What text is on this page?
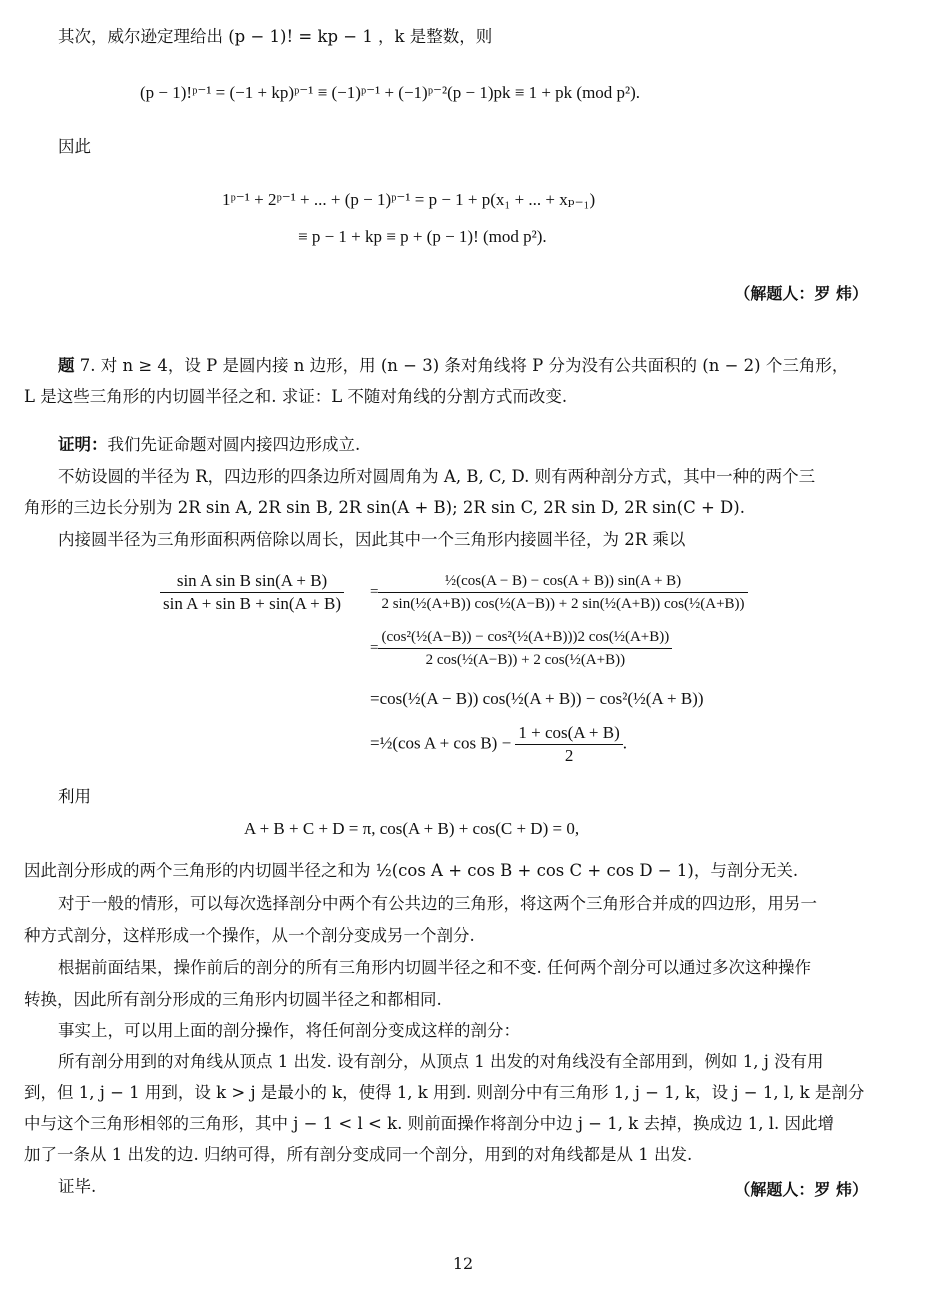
其次，威尔逊定理给出 (p − 1)! = kp − 1 ，k 是整数，则
(p − 1)!ᵖ⁻¹ = (−1 + kp)ᵖ⁻¹ ≡ (−1)ᵖ⁻¹ + (−1)ᵖ⁻²(p − 1)pk ≡ 1 + pk (mod p²).
因此
1ᵖ⁻¹ + 2ᵖ⁻¹ + ... + (p − 1)ᵖ⁻¹ = p − 1 + p(x₁ + ... + xₚ₋₁)
≡ p − 1 + kp ≡ p + (p − 1)! (mod p²).
（解题人：罗 炜）
题 7. 对 n ≥ 4，设 P 是圆内接 n 边形，用 (n − 3) 条对角线将 P 分为没有公共面积的 (n − 2) 个三角形，
L 是这些三角形的内切圆半径之和. 求证：L 不随对角线的分割方式而改变.
证明：我们先证命题对圆内接四边形成立.
不妨设圆的半径为 R，四边形的四条边所对圆周角为 A, B, C, D. 则有两种剖分方式，其中一种的两个三
角形的三边长分别为 2R sin A, 2R sin B, 2R sin(A + B); 2R sin C, 2R sin D, 2R sin(C + D).
内接圆半径为三角形面积两倍除以周长，因此其中一个三角形内接圆半径，为 2R 乘以
$\frac{\text{sin A sin B sin(A + B)}}{\text{sin A + sin B + sin(A + B)}} = \frac{\text{½(cos(A − B) − cos(A + B)) sin(A + B)}}{\text{2 sin(½(A+B)) cos(½(A−B)) + 2 sin(½(A+B)) cos(½(A+B))}}$
= $\frac{\text{(cos²(½(A−B)) − cos²(½(A+B)))2 cos(½(A+B))}}{\text{2 cos(½(A−B)) + 2 cos(½(A+B))}}$
=cos(½(A − B)) cos(½(A + B)) − cos²(½(A + B))
=½(cos $A + \cos B) - \frac{1 + \cos(A + B)}{2}$ .
利用
A + B + C + D = π, cos(A + B) + cos(C + D) = 0,
因此剖分形成的两个三角形的内切圆半径之和为 ½(cos A + cos B + cos C + cos D − 1)，与剖分无关.
对于一般的情形，可以每次选择剖分中两个有公共边的三角形，将这两个三角形合并成的四边形，用另一
种方式剖分，这样形成一个操作，从一个剖分变成另一个剖分.
根据前面结果，操作前后的剖分的所有三角形内切圆半径之和不变. 任何两个剖分可以通过多次这种操作
转换，因此所有剖分形成的三角形内切圆半径之和都相同.
事实上，可以用上面的剖分操作，将任何剖分变成这样的剖分：
所有剖分用到的对角线从顶点 1 出发. 设有剖分，从顶点 1 出发的对角线没有全部用到，例如 1, j 没有用
到，但 1, j − 1 用到，设 k > j 是最小的 k，使得 1, k 用到. 则剖分中有三角形 1, j − 1, k，设 j − 1, l, k 是剖分
中与这个三角形相邻的三角形，其中 j − 1 < l < k. 则前面操作将剖分中边 j − 1, k 去掉，换成边 1, l. 因此增
加了一条从 1 出发的边. 归纳可得，所有剖分变成同一个剖分，用到的对角线都是从 1 出发.
证毕.	（解题人：罗 炜）
12
